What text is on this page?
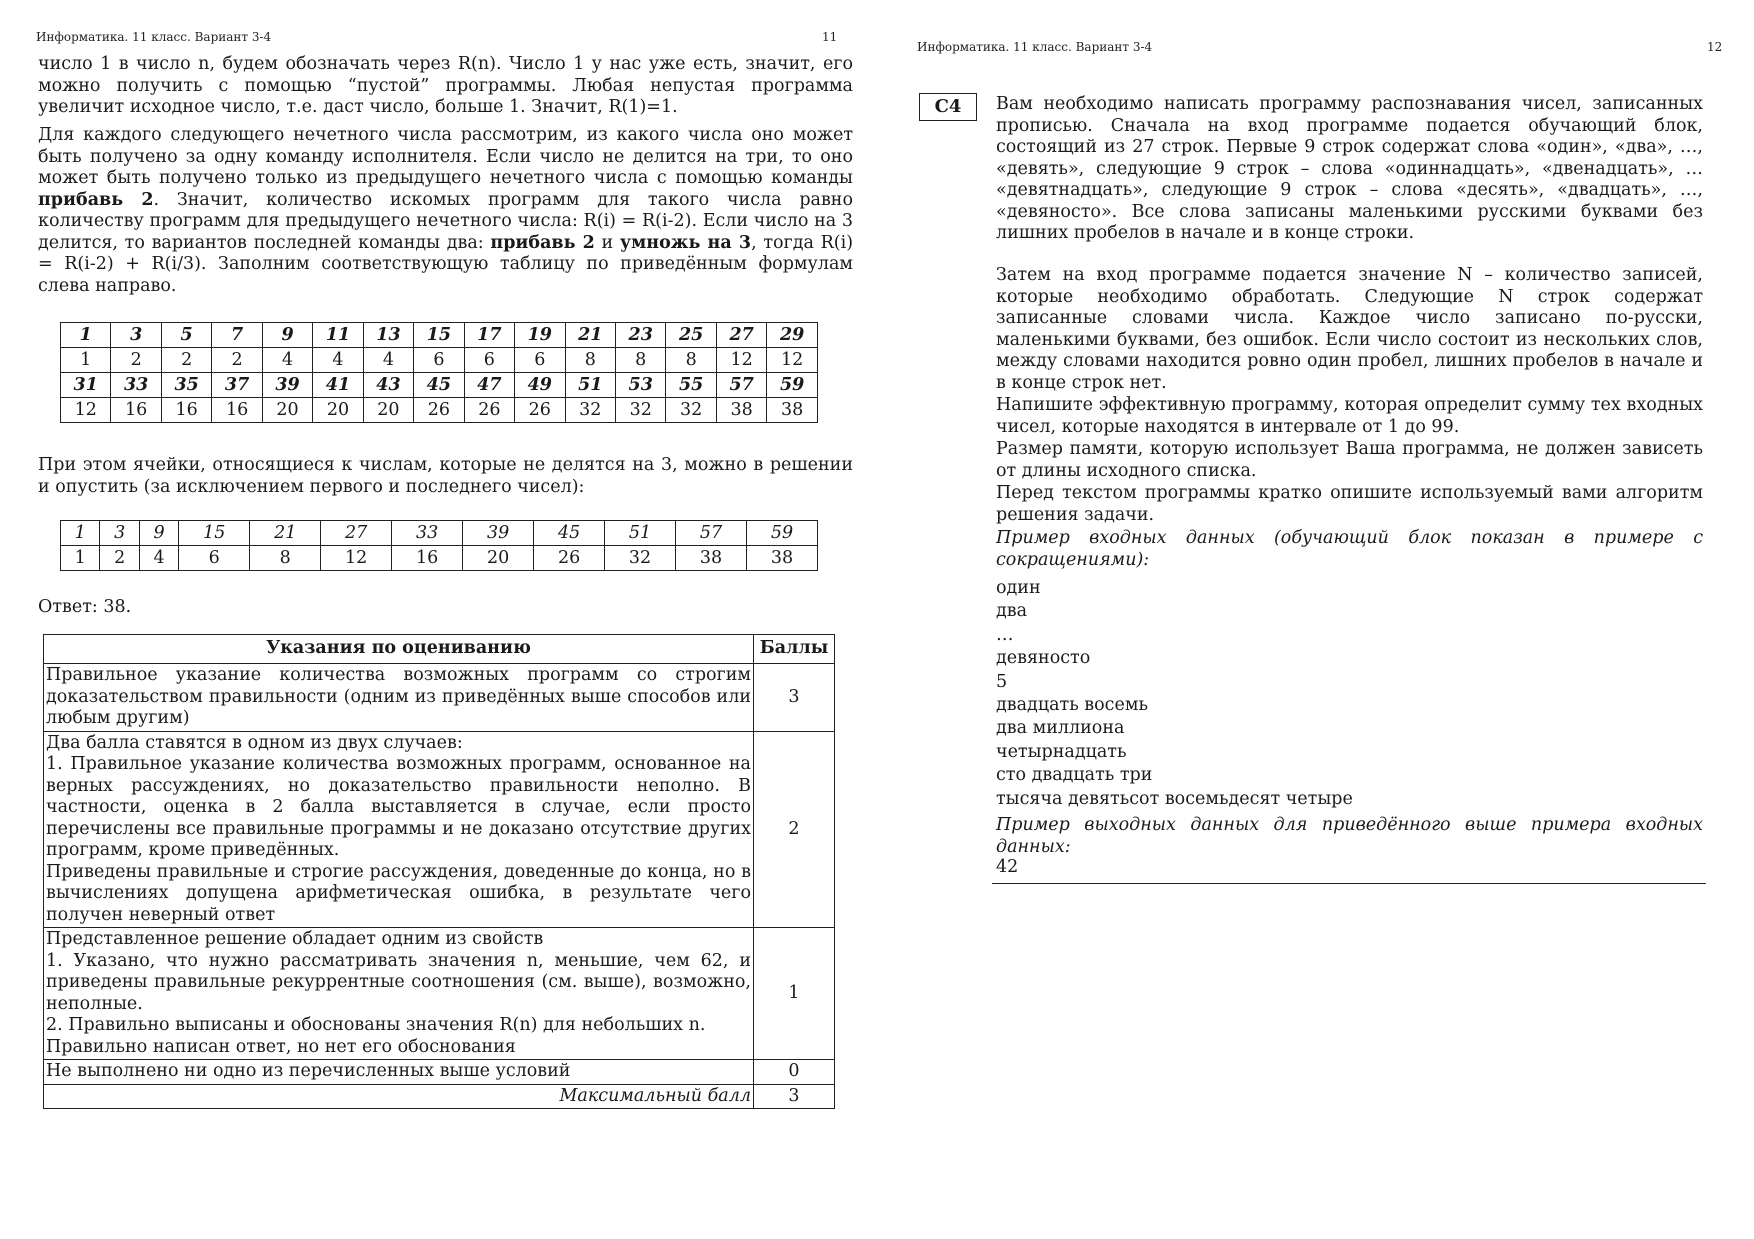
Информатика. 11 класс. Вариант 3-4	11
число 1 в число n, будем обозначать через R(n). Число 1 у нас уже есть, значит, его можно получить с помощью “пустой” программы. Любая непустая программа увеличит исходное число, т.е. даст число, больше 1. Значит, R(1)=1.
Для каждого следующего нечетного числа рассмотрим, из какого числа оно может быть получено за одну команду исполнителя. Если число не делится на три, то оно может быть получено только из предыдущего нечетного числа с помощью команды прибавь 2. Значит, количество искомых программ для такого числа равно количеству программ для предыдущего нечетного числа: R(i) = R(i-2). Если число на 3 делится, то вариантов последней команды два: прибавь 2 и умножь на 3, тогда R(i) = R(i-2) + R(i/3). Заполним соответствующую таблицу по приведённым формулам слева направо.
1	3	5	7	9	11	13	15	17	19	21	23	25	27	29
1	2	2	2	4	4	4	6	6	6	8	8	8	12	12
31	33	35	37	39	41	43	45	47	49	51	53	55	57	59
12	16	16	16	20	20	20	26	26	26	32	32	32	38	38
При этом ячейки, относящиеся к числам, которые не делятся на 3, можно в решении и опустить (за исключением первого и последнего чисел):
1	3	9	15	21	27	33	39	45	51	57	59
1	2	4	6	8	12	16	20	26	32	38	38
Ответ: 38.
Указания по оцениванию	Баллы

Правильное указание количества возможных программ со строгим доказательством правильности (одним из приведённых выше способов или любым другим)	3

Два балла ставятся в одном из двух случаев:
1. Правильное указание количества возможных программ, основанное на верных рассуждениях, но доказательство правильности неполно. В частности, оценка в 2 балла выставляется в случае, если просто перечислены все правильные программы и не доказано отсутствие других программ, кроме приведённых.
Приведены правильные и строгие рассуждения, доведенные до конца, но в вычислениях допущена арифметическая ошибка, в результате чего получен неверный ответ	2

Представленное решение обладает одним из свойств
1. Указано, что нужно рассматривать значения n, меньшие, чем 62, и приведены правильные рекуррентные соотношения (см. выше), возможно, неполные.
2. Правильно выписаны и обоснованы значения R(n) для небольших n.
Правильно написан ответ, но нет его обоснования	1

Не выполнено ни одно из перечисленных выше условий	0
Максимальный балл	3
Информатика. 11 класс. Вариант 3-4	12
C4	Вам необходимо написать программу распознавания чисел, записанных прописью. Сначала на вход программе подается обучающий блок, состоящий из 27 строк. Первые 9 строк содержат слова «один», «два», …, «девять», следующие 9 строк – слова «одиннадцать», «двенадцать», … «девятнадцать», следующие 9 строк – слова «десять», «двадцать», …, «девяносто». Все слова записаны маленькими русскими буквами без лишних пробелов в начале и в конце строки.
Затем на вход программе подается значение N – количество записей, которые необходимо обработать. Следующие N строк содержат записанные словами числа. Каждое число записано по-русски, маленькими буквами, без ошибок. Если число состоит из нескольких слов, между словами находится ровно один пробел, лишних пробелов в начале и в конце строк нет.
Напишите эффективную программу, которая определит сумму тех входных чисел, которые находятся в интервале от 1 до 99.
Размер памяти, которую использует Ваша программа, не должен зависеть от длины исходного списка.
Перед текстом программы кратко опишите используемый вами алгоритм решения задачи.
Пример входных данных (обучающий блок показан в примере с сокращениями):
один
два
…
девяносто
5
двадцать восемь
два миллиона
четырнадцать
сто двадцать три
тысяча девятьсот восемьдесят четыре
Пример выходных данных для приведённого выше примера входных данных:
42
